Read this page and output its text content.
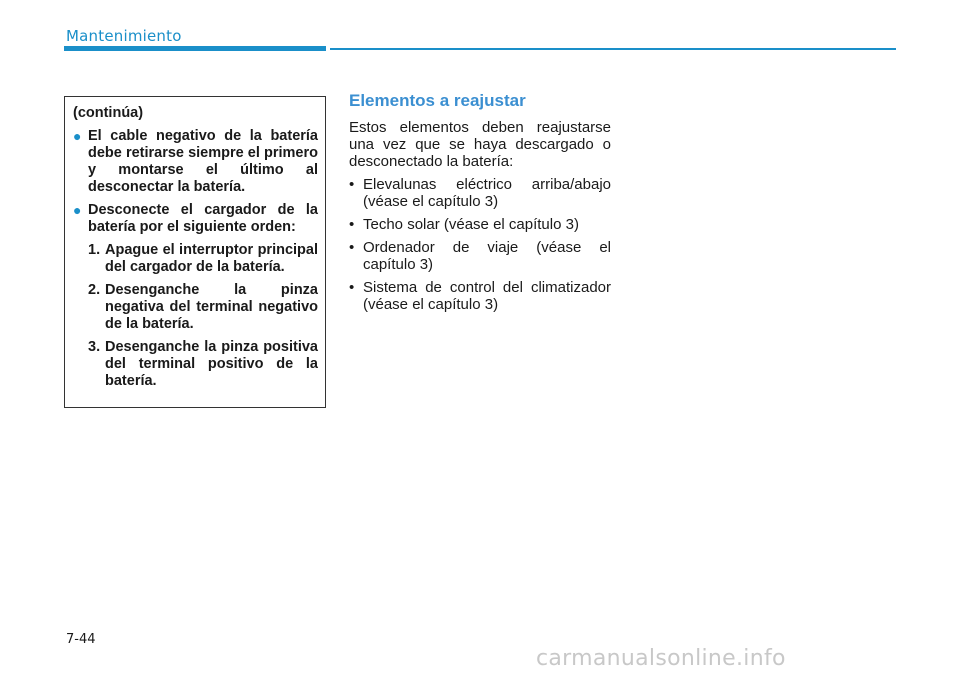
Mantenimiento
(continúa)
● El cable negativo de la batería debe retirarse siempre el primero y montarse el último al desconectar la batería.
● Desconecte el cargador de la batería por el siguiente orden:
1. Apague el interruptor principal del cargador de la batería.
2. Desenganche la pinza negativa del terminal negativo de la batería.
3. Desenganche la pinza positiva del terminal positivo de la batería.
Elementos a reajustar
Estos elementos deben reajustarse una vez que se haya descargado o desconectado la batería:
• Elevalunas eléctrico arriba/abajo (véase el capítulo 3)
• Techo solar (véase el capítulo 3)
• Ordenador de viaje (véase el capítulo 3)
• Sistema de control del climatizador (véase el capítulo 3)
7-44
carmanualsonline.info
